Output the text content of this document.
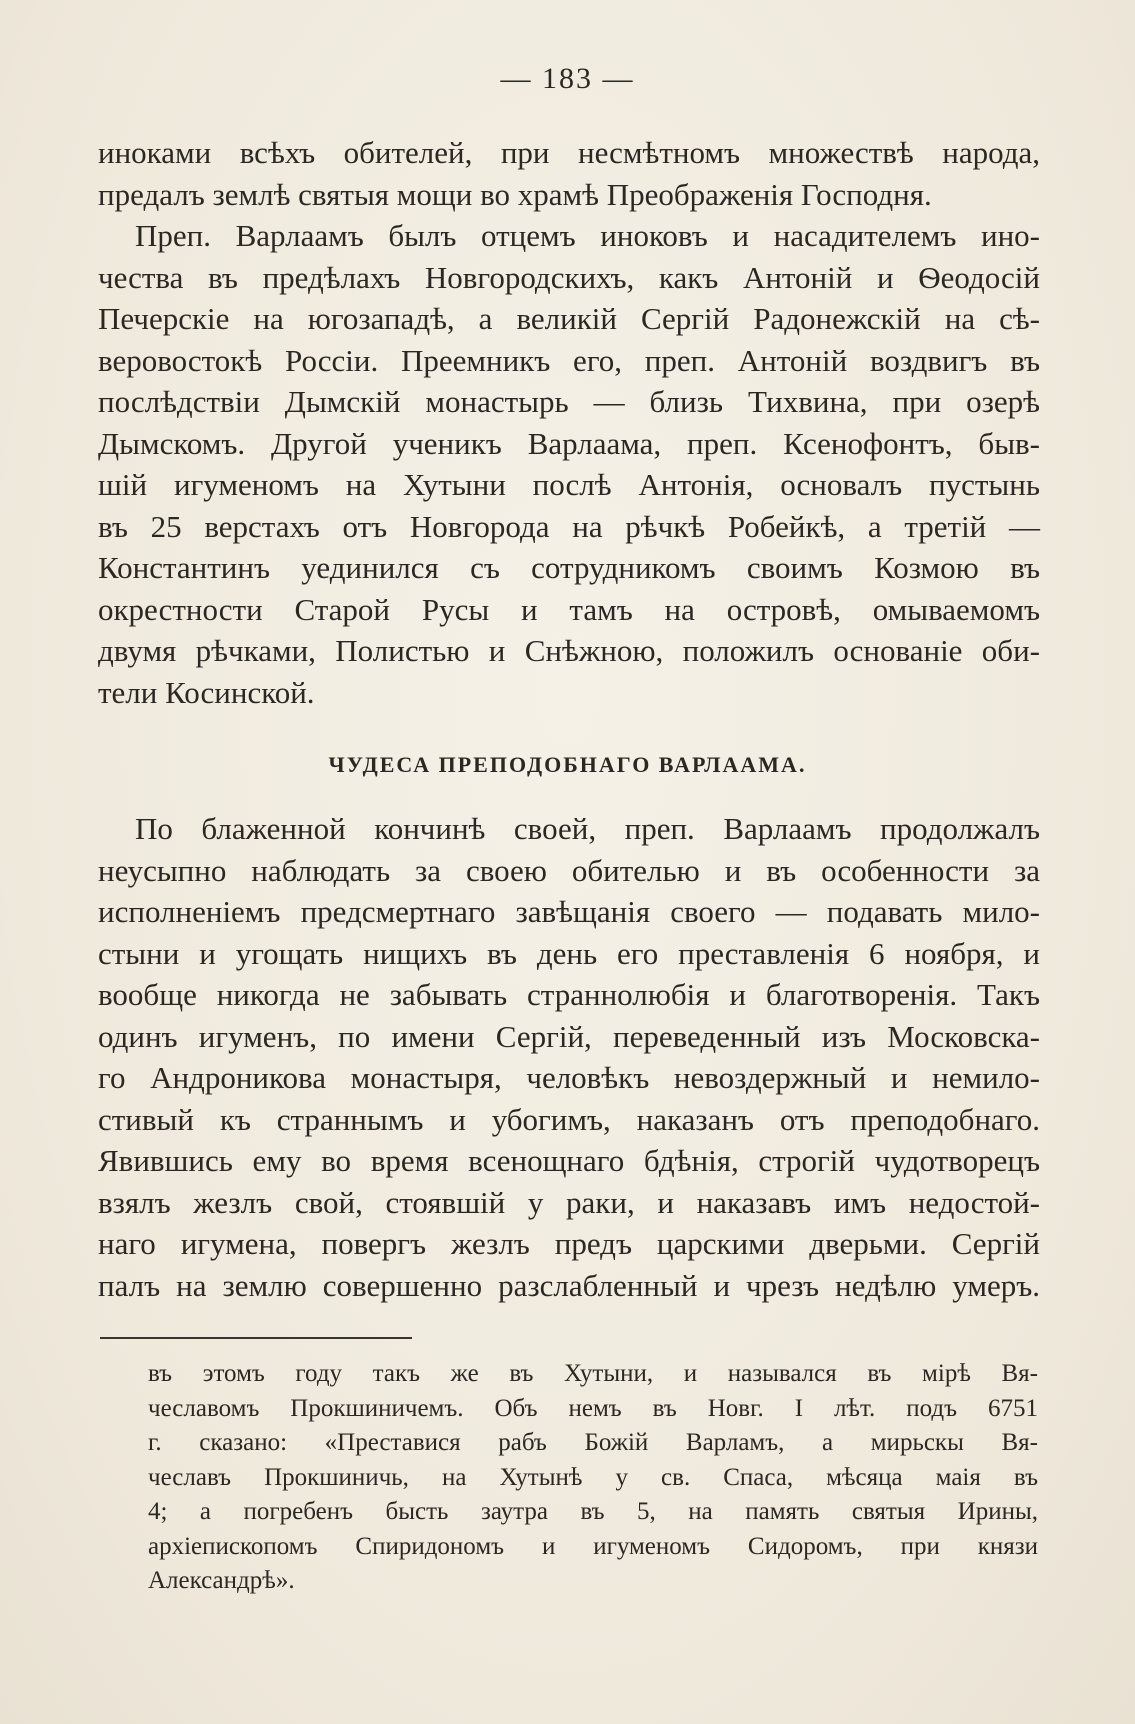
— 183 —
иноками всѣхъ обителей, при несмѣтномъ множествѣ народа,
предалъ землѣ святыя мощи во храмѣ Преображенія Господня.
Преп. Варлаамъ былъ отцемъ иноковъ и насадителемъ ино-
чества въ предѣлахъ Новгородскихъ, какъ Антоній и Ѳеодосій
Печерскіе на югозападѣ, а великій Сергій Радонежскій на сѣ-
веровостокѣ Россіи. Преемникъ его, преп. Антоній воздвигъ въ
послѣдствіи Дымскій монастырь — близь Тихвина, при озерѣ
Дымскомъ. Другой ученикъ Варлаама, преп. Ксенофонтъ, быв-
шій игуменомъ на Хутыни послѣ Антонія, основалъ пустынь
въ 25 верстахъ отъ Новгорода на рѣчкѣ Робейкѣ, а третій —
Константинъ уединился съ сотрудникомъ своимъ Козмою въ
окрестности Старой Русы и тамъ на островѣ, омываемомъ
двумя рѣчками, Полистью и Снѣжною, положилъ основаніе оби-
тели Косинской.
ЧУДЕСА ПРЕПОДОБНАГО ВАРЛААМА.
По блаженной кончинѣ своей, преп. Варлаамъ продолжалъ
неусыпно наблюдать за своею обителью и въ особенности за
исполненіемъ предсмертнаго завѣщанія своего — подавать мило-
стыни и угощать нищихъ въ день его преставленія 6 ноября, и
вообще никогда не забывать страннолюбія и благотворенія. Такъ
одинъ игуменъ, по имени Сергій, переведенный изъ Московска-
го Андроникова монастыря, человѣкъ невоздержный и немило-
стивый къ страннымъ и убогимъ, наказанъ отъ преподобнаго.
Явившись ему во время всенощнаго бдѣнія, строгій чудотворецъ
взялъ жезлъ свой, стоявшій у раки, и наказавъ имъ недостой-
наго игумена, повергъ жезлъ предъ царскими дверьми. Сергій
палъ на землю совершенно разслабленный и чрезъ недѣлю умеръ.
въ этомъ году такъ же въ Хутыни, и назывался въ мірѣ Вя-
чеславомъ Прокшиничемъ. Объ немъ въ Новг. I лѣт. подъ 6751
г. сказано: «Преставися рабъ Божій Варламъ, а мирьскы Вя-
чеславъ Прокшиничь, на Хутынѣ у св. Спаса, мѣсяца маія въ
4; а погребенъ бысть заутра въ 5, на память святыя Ирины,
архіепископомъ Спиридономъ и игуменомъ Сидоромъ, при князи
Александрѣ».
